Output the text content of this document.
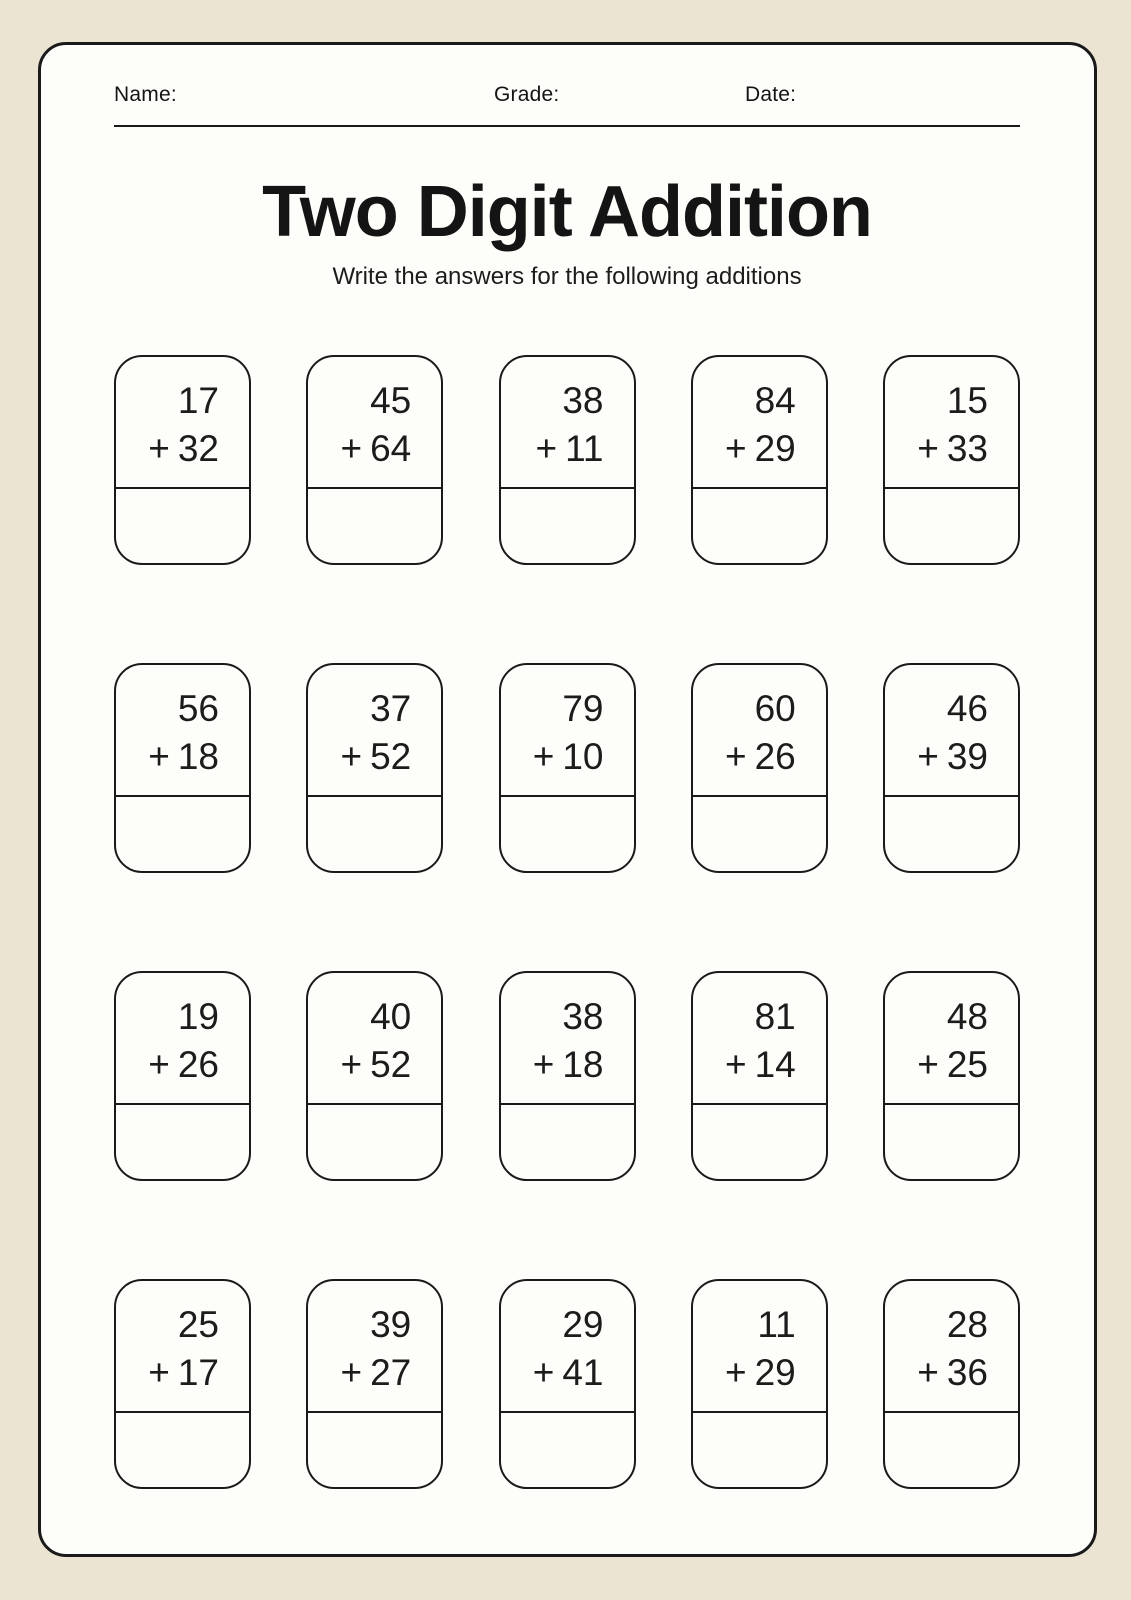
Name:	Grade:	Date:
Two Digit Addition
Write the answers for the following additions
17
+ 32
45
+ 64
38
+ 11
84
+ 29
15
+ 33
56
+ 18
37
+ 52
79
+ 10
60
+ 26
46
+ 39
19
+ 26
40
+ 52
38
+ 18
81
+ 14
48
+ 25
25
+ 17
39
+ 27
29
+ 41
11
+ 29
28
+ 36
